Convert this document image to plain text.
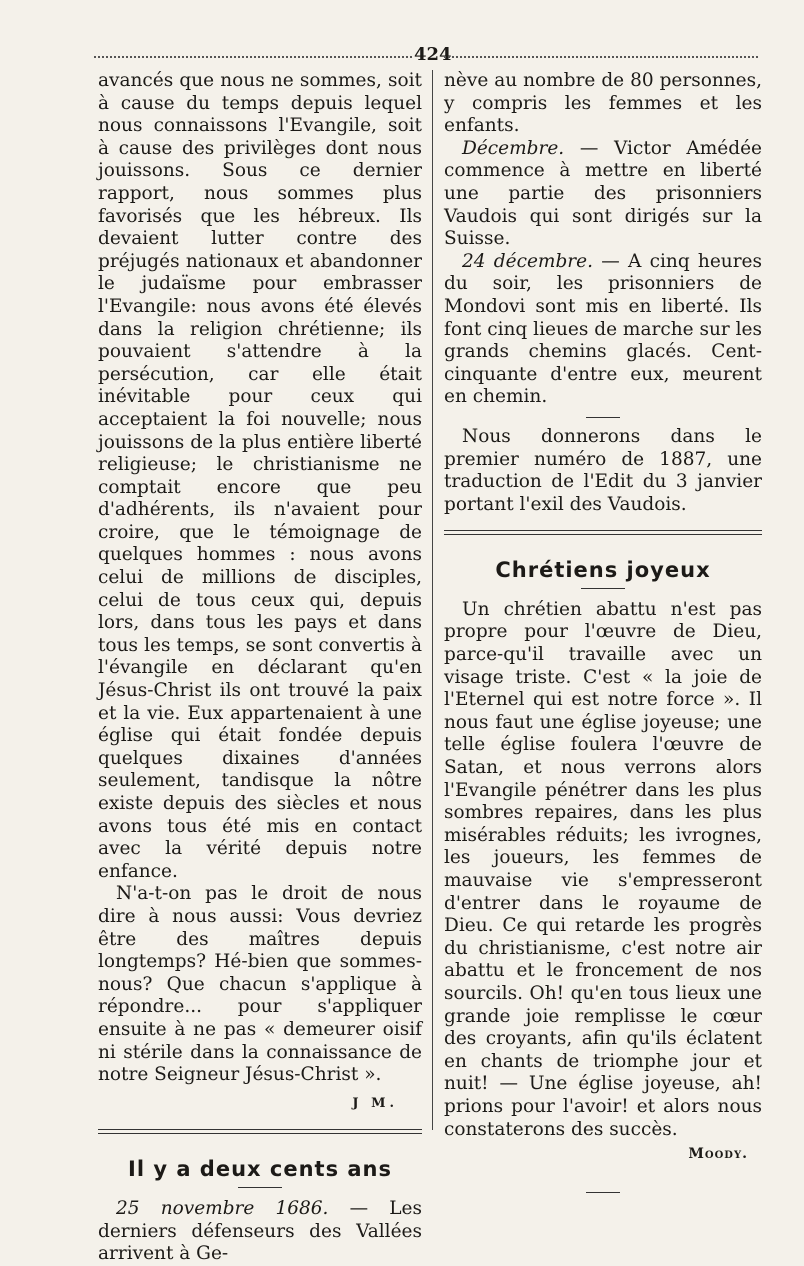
424

avancés que nous ne sommes, soit à cause du temps depuis lequel nous connaissons l'Evangile, soit à cause des privilèges dont nous jouissons. Sous ce dernier rapport, nous sommes plus favorisés que les hébreux. Ils devaient lutter contre des préjugés nationaux et abandonner le judaïsme pour embrasser l'Evangile: nous avons été élevés dans la religion chrétienne; ils pouvaient s'attendre à la persécution, car elle était inévitable pour ceux qui acceptaient la foi nouvelle; nous jouissons de la plus entière liberté religieuse; le christianisme ne comptait encore que peu d'adhérents, ils n'avaient pour croire, que le témoignage de quelques hommes : nous avons celui de millions de disciples, celui de tous ceux qui, depuis lors, dans tous les pays et dans tous les temps, se sont convertis à l'évangile en déclarant qu'en Jésus-Christ ils ont trouvé la paix et la vie. Eux appartenaient à une église qui était fondée depuis quelques dixaines d'années seulement, tandisque la nôtre existe depuis des siècles et nous avons tous été mis en contact avec la vérité depuis notre enfance.

N'a-t-on pas le droit de nous dire à nous aussi: Vous devriez être des maîtres depuis longtemps? Hé-bien que sommes-nous? Que chacun s'applique à répondre... pour s'appliquer ensuite à ne pas « demeurer oisif ni stérile dans la connaissance de notre Seigneur Jésus-Christ ».

J M.
Il y a deux cents ans

25 novembre 1686. — Les derniers défenseurs des Vallées arrivent à Ge-

nève au nombre de 80 personnes, y compris les femmes et les enfants.

Décembre. — Victor Amédée commence à mettre en liberté une partie des prisonniers Vaudois qui sont dirigés sur la Suisse.

24 décembre. — A cinq heures du soir, les prisonniers de Mondovi sont mis en liberté. Ils font cinq lieues de marche sur les grands chemins glacés. Cent-cinquante d'entre eux, meurent en chemin.

Nous donnerons dans le premier numéro de 1887, une traduction de l'Edit du 3 janvier portant l'exil des Vaudois.

Chrétiens joyeux

Un chrétien abattu n'est pas propre pour l'œuvre de Dieu, parce-qu'il travaille avec un visage triste. C'est « la joie de l'Eternel qui est notre force ». Il nous faut une église joyeuse; une telle église foulera l'œuvre de Satan, et nous verrons alors l'Evangile pénétrer dans les plus sombres repaires, dans les plus misérables réduits; les ivrognes, les joueurs, les femmes de mauvaise vie s'empresseront d'entrer dans le royaume de Dieu. Ce qui retarde les progrès du christianisme, c'est notre air abattu et le froncement de nos sourcils. Oh! qu'en tous lieux une grande joie remplisse le cœur des croyants, afin qu'ils éclatent en chants de triomphe jour et nuit! — Une église joyeuse, ah! prions pour l'avoir! et alors nous constaterons des succès.

Moody.
